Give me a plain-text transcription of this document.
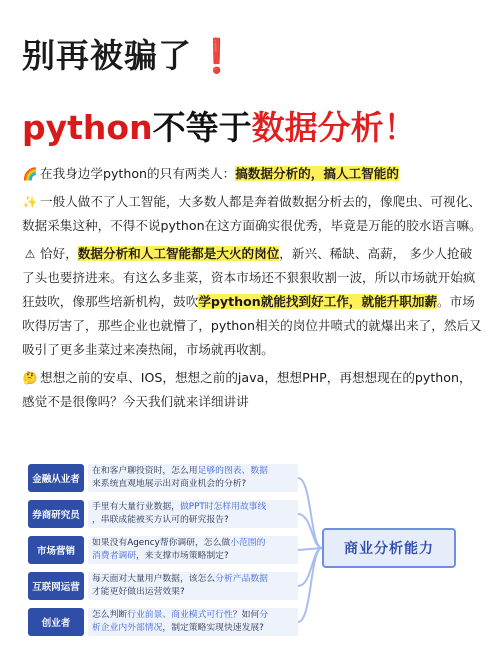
别再被骗了 ❗
python不等于数据分析！

🌈 在我身边学python的只有两类人：搞数据分析的，搞人工智能的

✨ 一般人做不了人工智能，大多数人都是奔着做数据分析去的，像爬虫、可视化、数据采集这种，不得不说python在这方面确实很优秀，毕竟是万能的胶水语言嘛。

⚠ 恰好，数据分析和人工智能都是大火的岗位，新兴、稀缺、高薪， 多少人抢破了头也要挤进来。有这么多韭菜，资本市场还不狠狠收割一波，所以市场就开始疯狂鼓吹，像那些培新机构，鼓吹学python就能找到好工作，就能升职加薪。市场吹得厉害了，那些企业也就懵了，python相关的岗位井喷式的就爆出来了，然后又吸引了更多韭菜过来凑热闹，市场就再收割。

🤔 想想之前的安卓、IOS，想想之前的java，想想PHP，再想想现在的python，感觉不是很像吗？今天我们就来详细讲讲

金融从业者
在和客户聊投资时，怎么用足够的图表、数据
来系统直观地展示出对商业机会的分析?
券商研究员
手里有大量行业数据，做PPT时怎样用故事线
，串联成能被买方认可的研究报告?
市场营销
如果没有Agency帮你调研，怎么做小范围的
消费者调研，来支撑市场策略制定?
互联网运营
每天面对大量用户数据，该怎么分析产品数据
才能更好做出运营效果?
创业者
怎么判断行业前景、商业模式可行性？如何分
析企业内外部情况，制定策略实现快速发展?
商业分析能力
